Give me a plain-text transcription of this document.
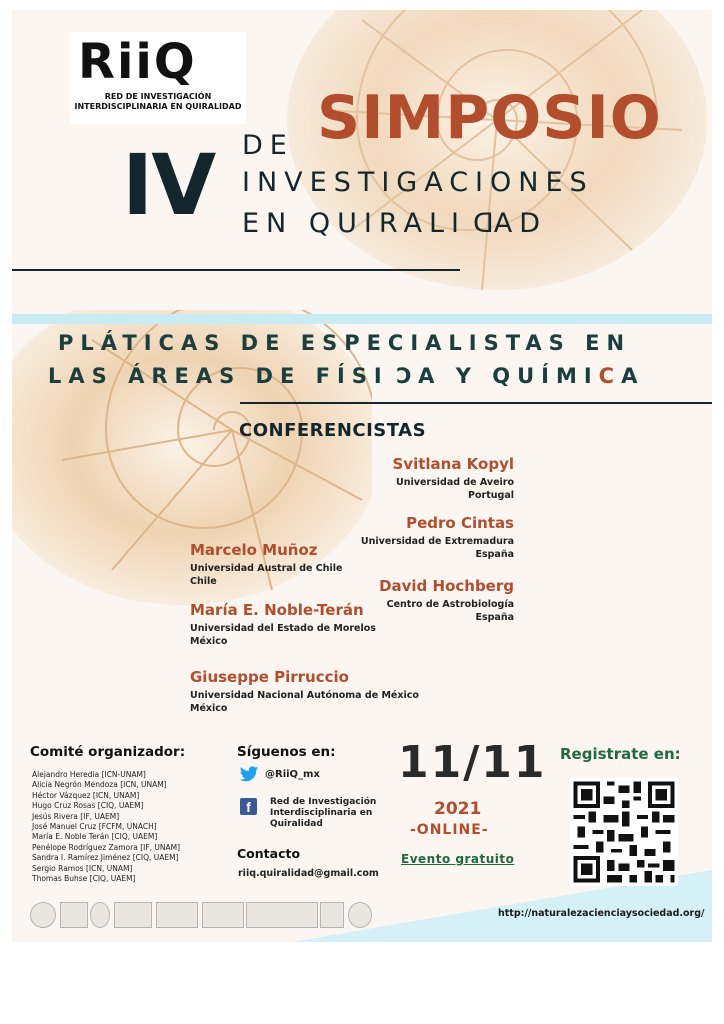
RiiQ
RED DE INVESTIGACIÓN
INTERDISCIPLINARIA EN QUIRALIDAD
IV
SIMPOSIO
DE
INVESTIGACIONES
EN QUIRALIDAD
PLÁTICAS DE ESPECIALISTAS EN
LAS ÁREAS DE FÍSIC A Y QUÍMICA
CONFERENCISTAS
Svitlana Kopyl
Universidad de Aveiro
Portugal
Pedro Cintas
Universidad de Extremadura
España
David Hochberg
Centro de Astrobiología
España
Marcelo Muñoz
Universidad Austral de Chile
Chile
María E. Noble-Terán
Universidad del Estado de Morelos
México
Giuseppe Pirruccio
Universidad Nacional Autónoma de México
México
Comité organizador:
Alejandro Heredia [ICN-UNAM]
Alicia Negrón Mendoza [ICN, UNAM]
Héctor Vázquez [ICN, UNAM]
Hugo Cruz Rosas [CIQ, UAEM]
Jesús Rivera [IF, UAEM]
José Manuel Cruz [FCFM, UNACH]
María E. Noble Terán [CIQ, UAEM]
Penélope Rodríguez Zamora [IF, UNAM]
Sandra I. Ramírez Jiménez [CIQ, UAEM]
Sergio Ramos [ICN, UNAM]
Thomas Buhse [CIQ, UAEM]
Síguenos en:
@RiiQ_mx
f	Red de Investigación
Interdisciplinaria en
Quiralidad
Contacto
riiq.quiralidad@gmail.com
11/11
2021
-ONLINE-
Evento gratuito
Registrate en:
http://naturalezacienciaysociedad.org/
